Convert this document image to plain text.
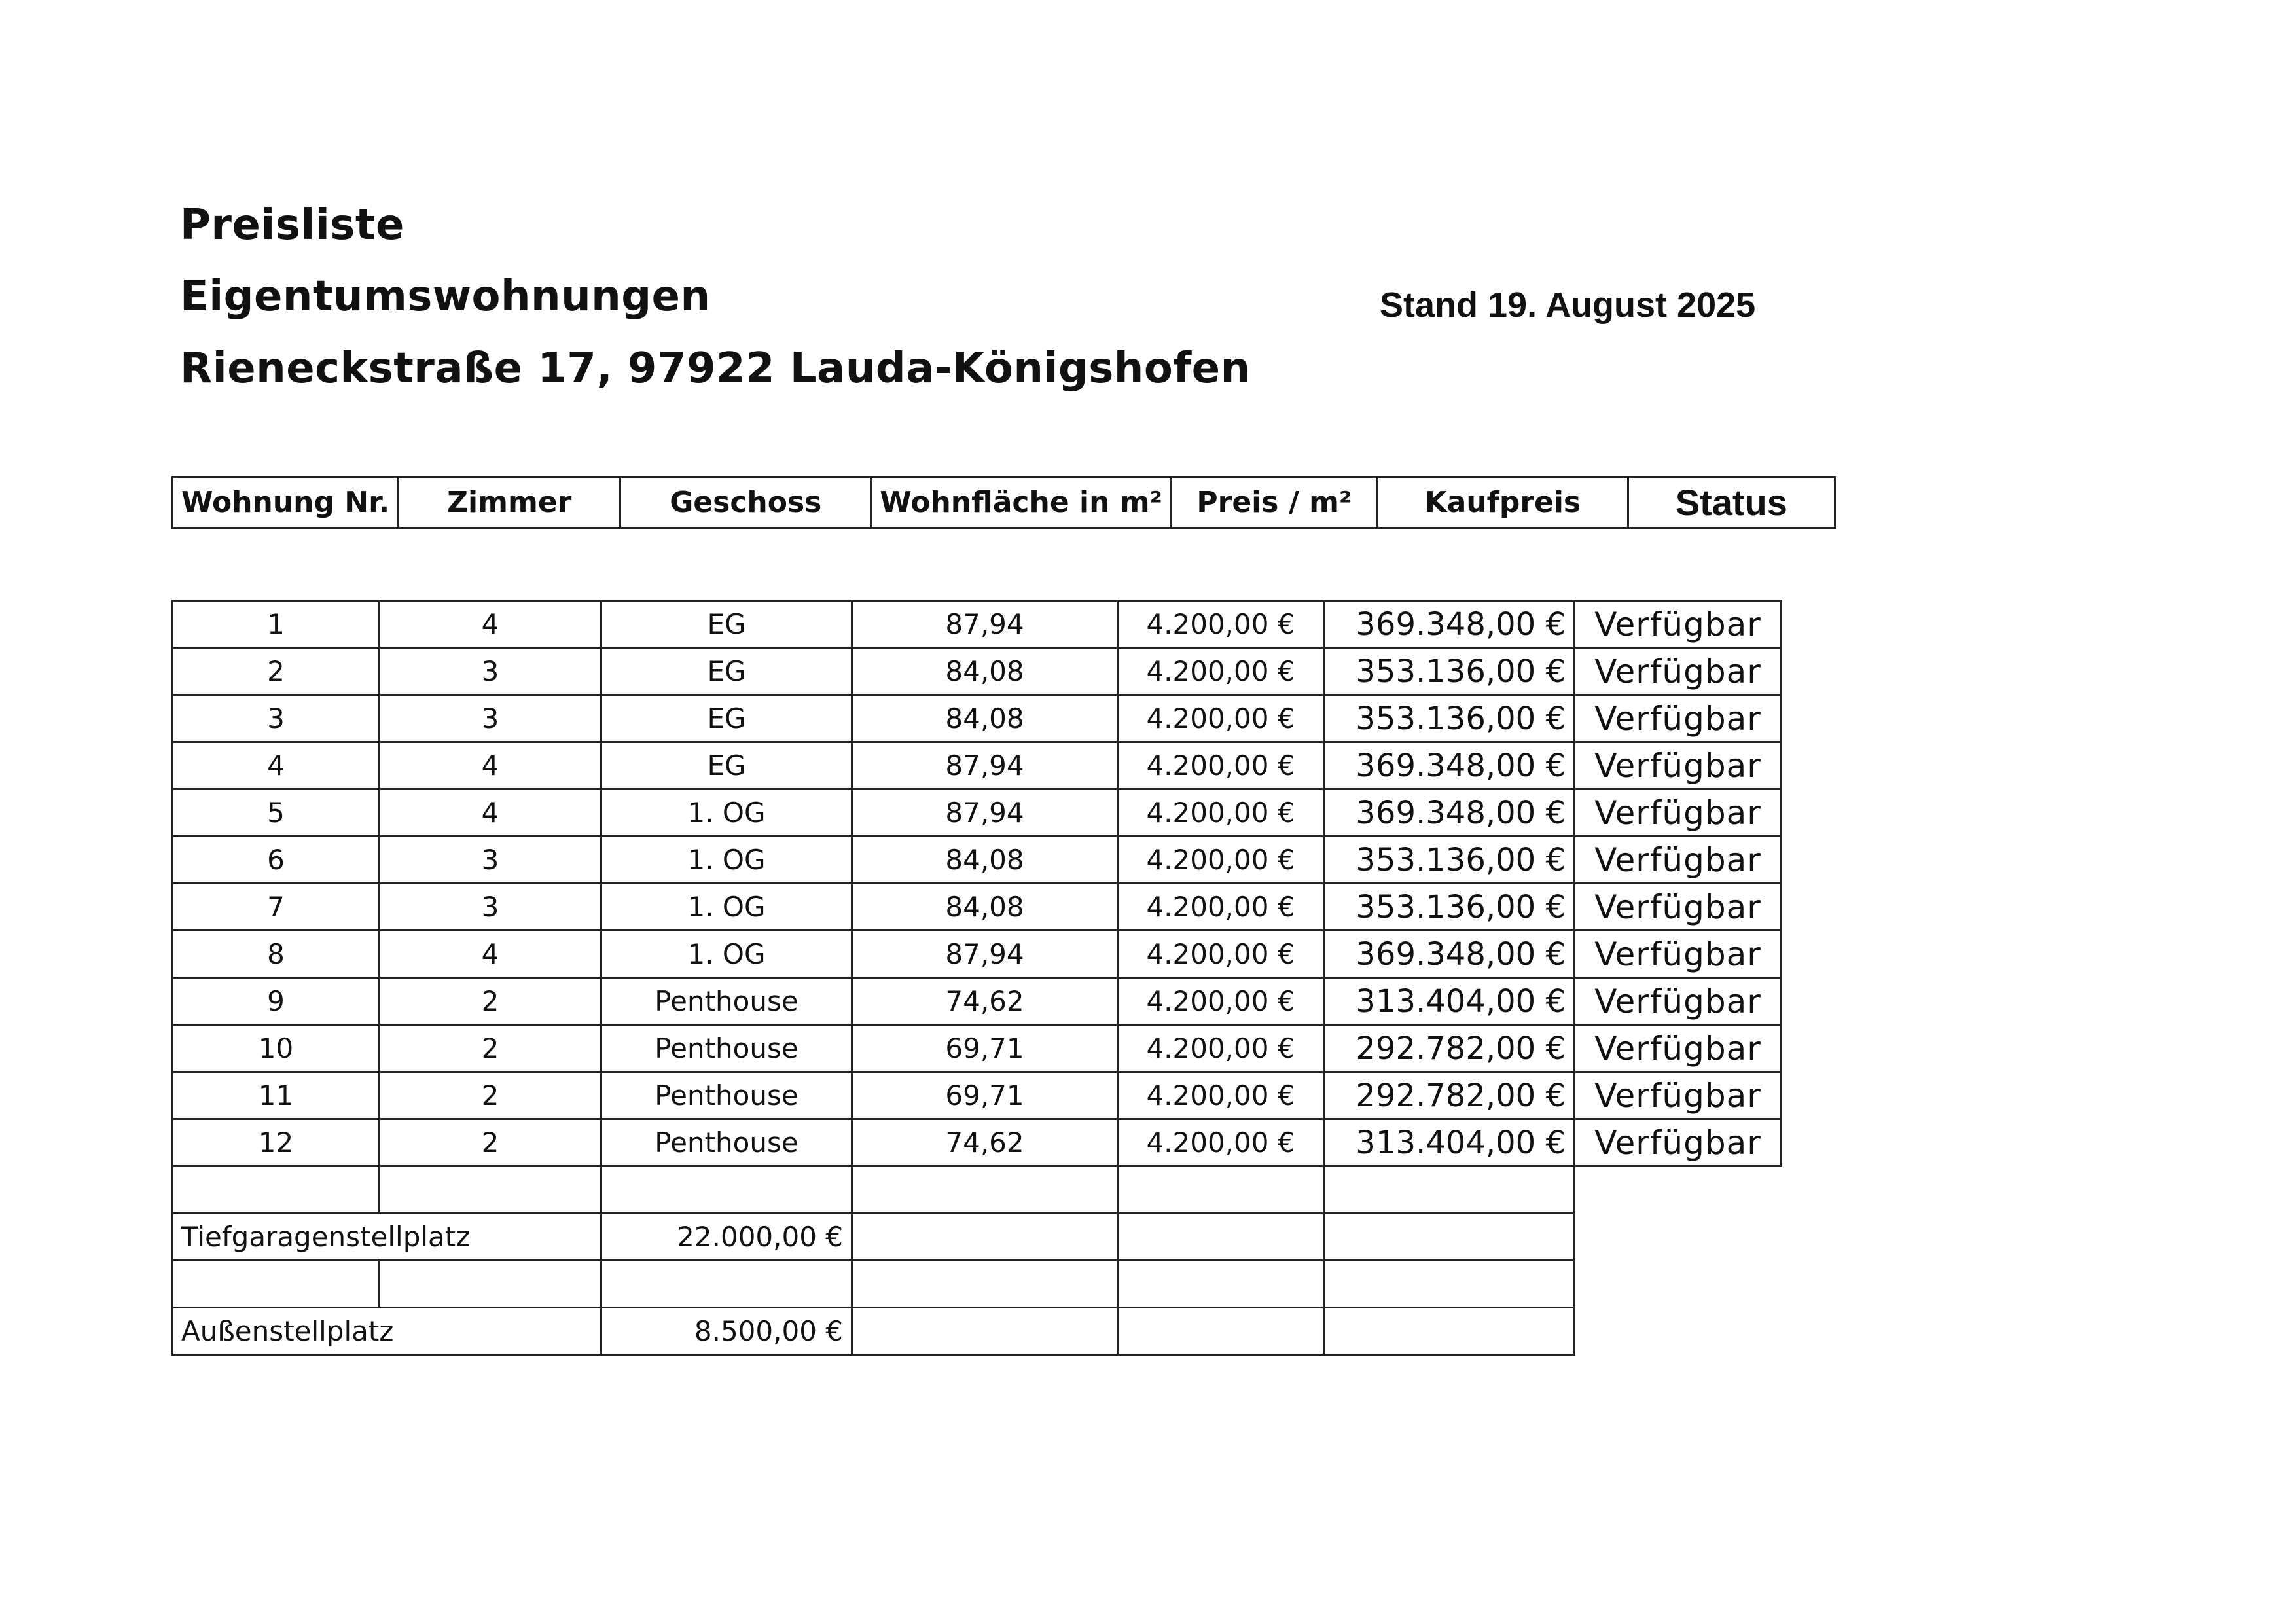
Preisliste
Eigentumswohnungen
Rieneckstraße 17, 97922 Lauda-Königshofen
Stand 19. August 2025
Wohnung Nr.	Zimmer	Geschoss	Wohnfläche in m²	Preis / m²	Kaufpreis	Status
1	4	EG	87,94	4.200,00 €	369.348,00 €	Verfügbar
2	3	EG	84,08	4.200,00 €	353.136,00 €	Verfügbar
3	3	EG	84,08	4.200,00 €	353.136,00 €	Verfügbar
4	4	EG	87,94	4.200,00 €	369.348,00 €	Verfügbar
5	4	1. OG	87,94	4.200,00 €	369.348,00 €	Verfügbar
6	3	1. OG	84,08	4.200,00 €	353.136,00 €	Verfügbar
7	3	1. OG	84,08	4.200,00 €	353.136,00 €	Verfügbar
8	4	1. OG	87,94	4.200,00 €	369.348,00 €	Verfügbar
9	2	Penthouse	74,62	4.200,00 €	313.404,00 €	Verfügbar
10	2	Penthouse	69,71	4.200,00 €	292.782,00 €	Verfügbar
11	2	Penthouse	69,71	4.200,00 €	292.782,00 €	Verfügbar
12	2	Penthouse	74,62	4.200,00 €	313.404,00 €	Verfügbar

Tiefgaragenstellplatz		22.000,00 €				

Außenstellplatz		8.500,00 €				
